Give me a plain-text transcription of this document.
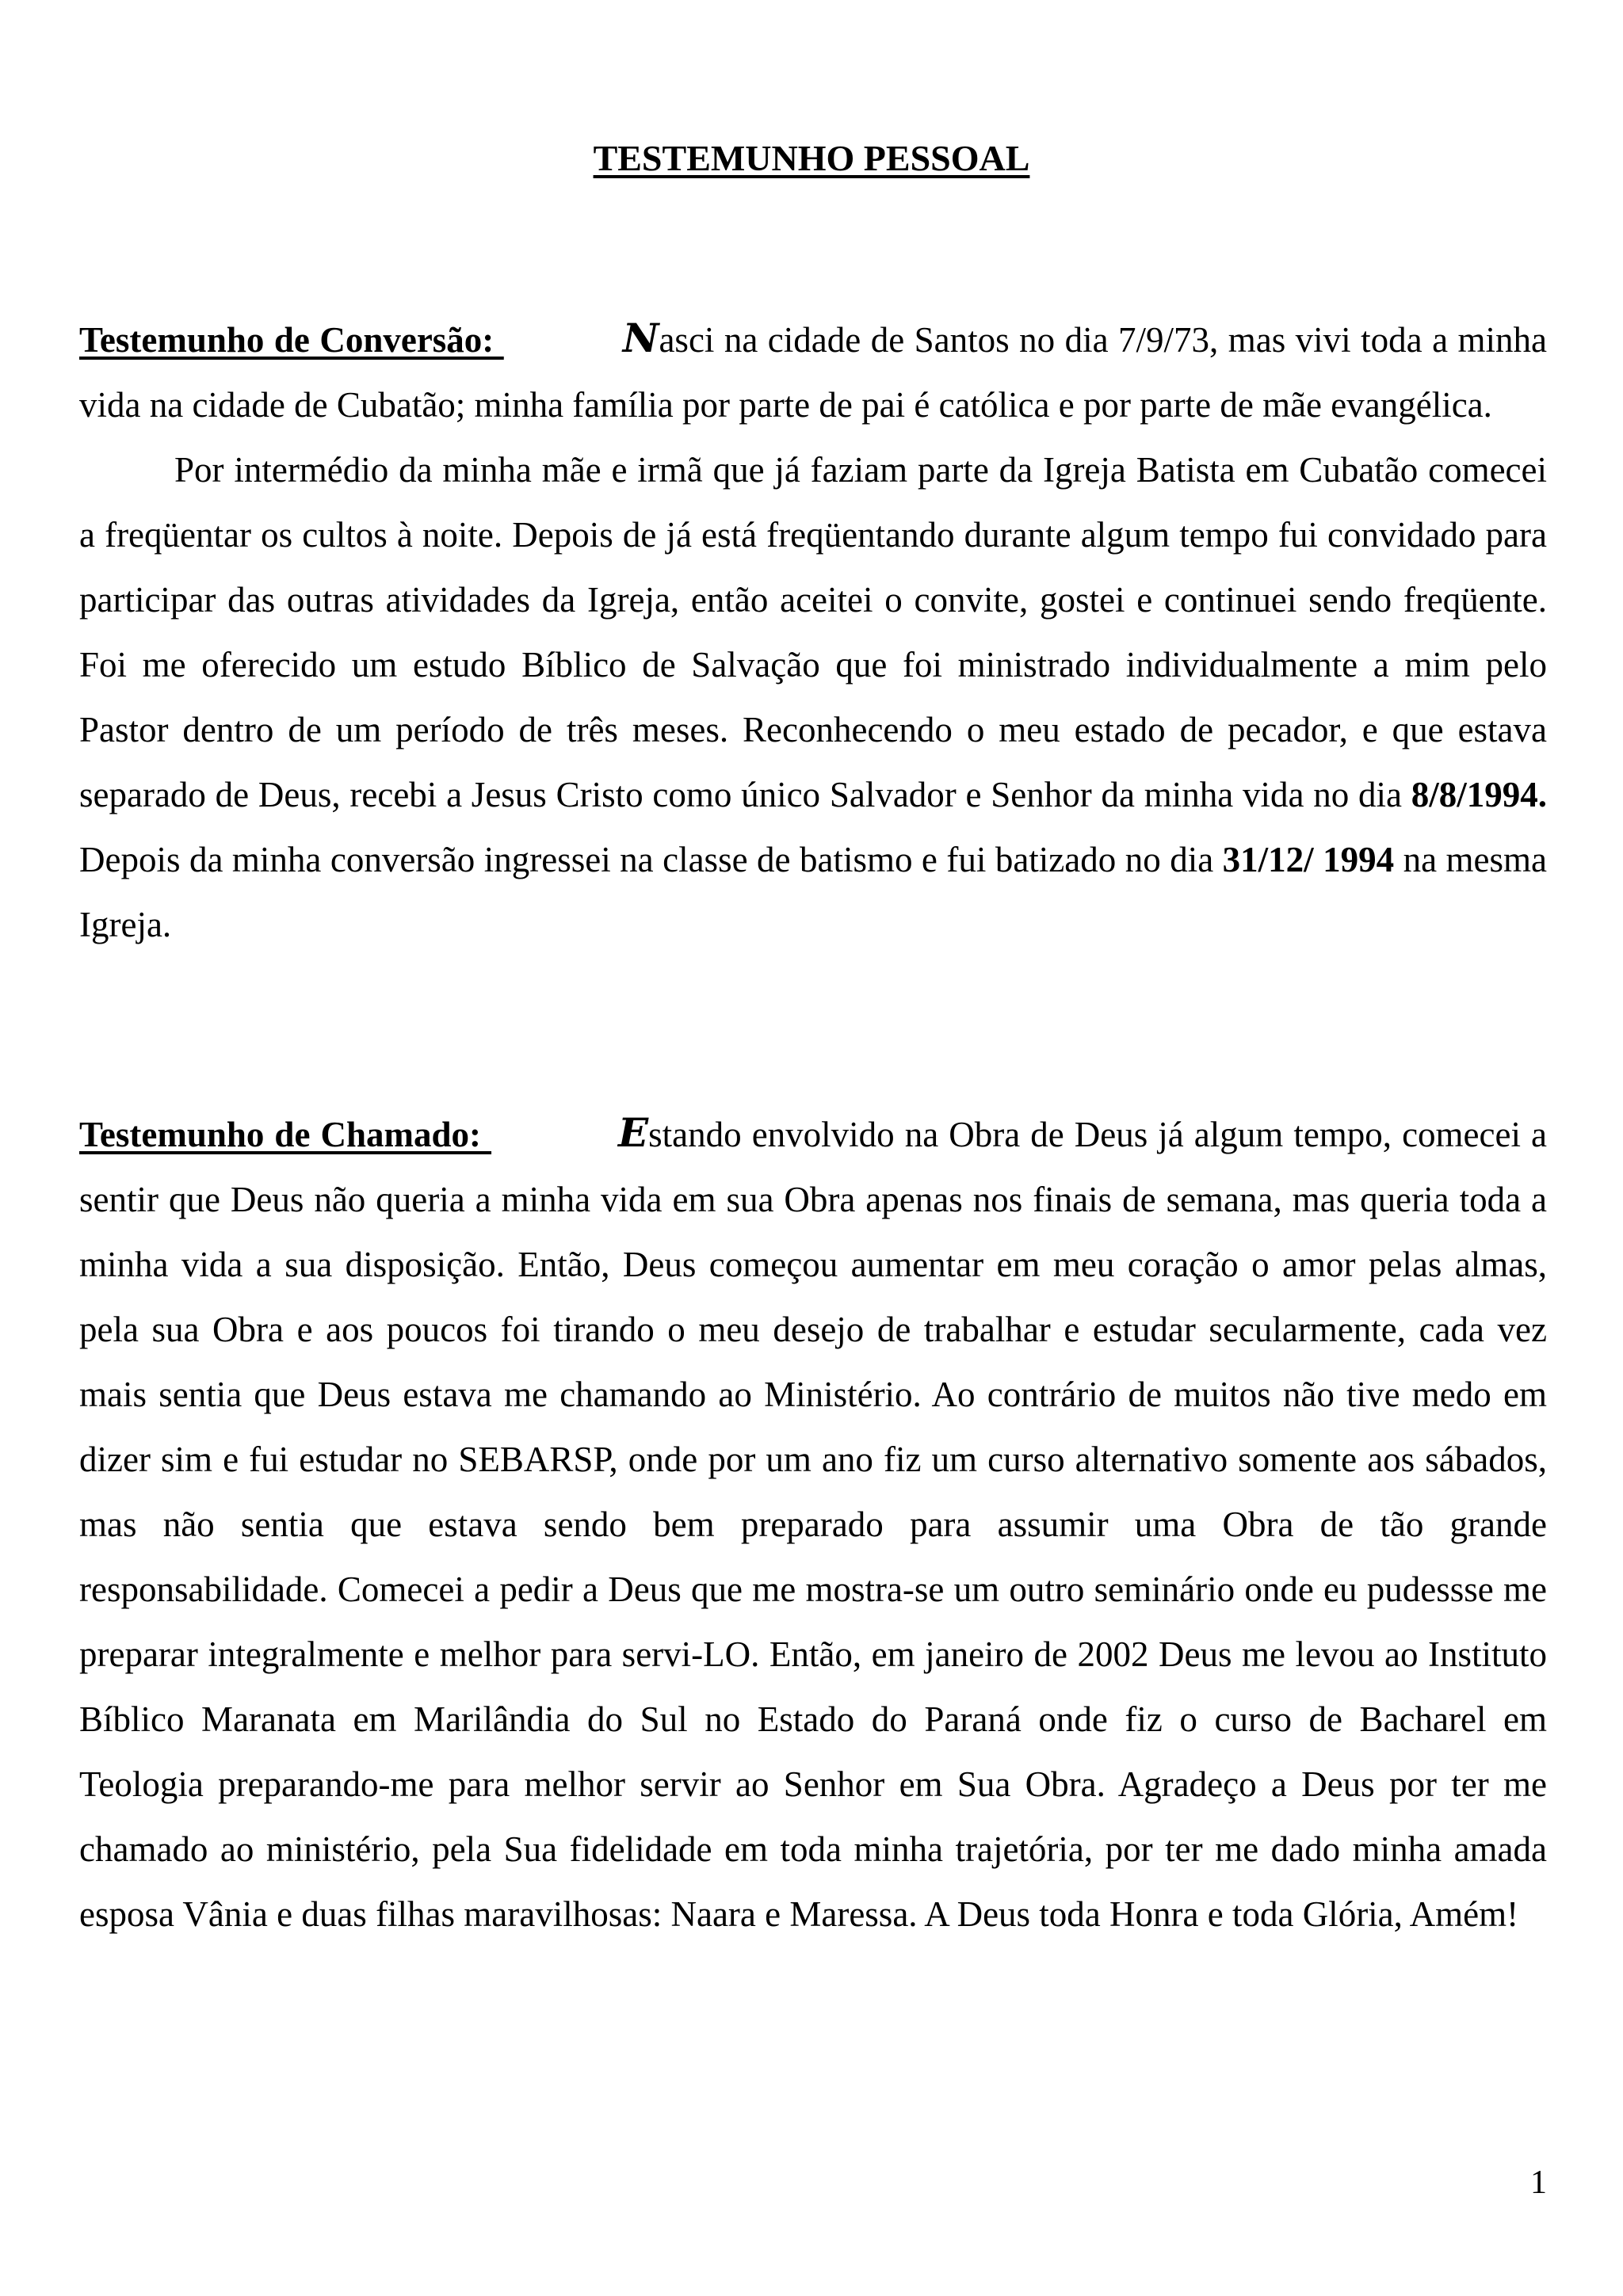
TESTEMUNHO PESSOAL

Testemunho de Conversão:	Nasci na cidade de Santos no dia 7/9/73, mas vivi toda a minha vida na cidade de Cubatão; minha família por parte de pai é católica e por parte de mãe evangélica.

Por intermédio da minha mãe e irmã que já faziam parte da Igreja Batista em Cubatão comecei a freqüentar os cultos à noite. Depois de já está freqüentando durante algum tempo fui convidado para participar das outras atividades da Igreja, então aceitei o convite, gostei e continuei sendo freqüente. Foi me oferecido um estudo Bíblico de Salvação que foi ministrado individualmente a mim pelo Pastor dentro de um período de três meses. Reconhecendo o meu estado de pecador, e que estava separado de Deus, recebi a Jesus Cristo como único Salvador e Senhor da minha vida no dia 8/8/1994. Depois da minha conversão ingressei na classe de batismo e fui batizado no dia 31/12/ 1994 na mesma Igreja.

Testemunho de Chamado:	Estando envolvido na Obra de Deus já algum tempo, comecei a sentir que Deus não queria a minha vida em sua Obra apenas nos finais de semana, mas queria toda a minha vida a sua disposição. Então, Deus começou aumentar em meu coração o amor pelas almas, pela sua Obra e aos poucos foi tirando o meu desejo de trabalhar e estudar secularmente, cada vez mais sentia que Deus estava me chamando ao Ministério. Ao contrário de muitos não tive medo em dizer sim e fui estudar no SEBARSP, onde por um ano fiz um curso alternativo somente aos sábados, mas não sentia que estava sendo bem preparado para assumir uma Obra de tão grande responsabilidade. Comecei a pedir a Deus que me mostra-se um outro seminário onde eu pudessse me preparar integralmente e melhor para servi-LO. Então, em janeiro de 2002 Deus me levou ao Instituto Bíblico Maranata em Marilândia do Sul no Estado do Paraná onde fiz o curso de Bacharel em Teologia preparando-me para melhor servir ao Senhor em Sua Obra. Agradeço a Deus por ter me chamado ao ministério, pela Sua fidelidade em toda minha trajetória, por ter me dado minha amada esposa Vânia e duas filhas maravilhosas: Naara e Maressa. A Deus toda Honra e toda Glória, Amém!

1
